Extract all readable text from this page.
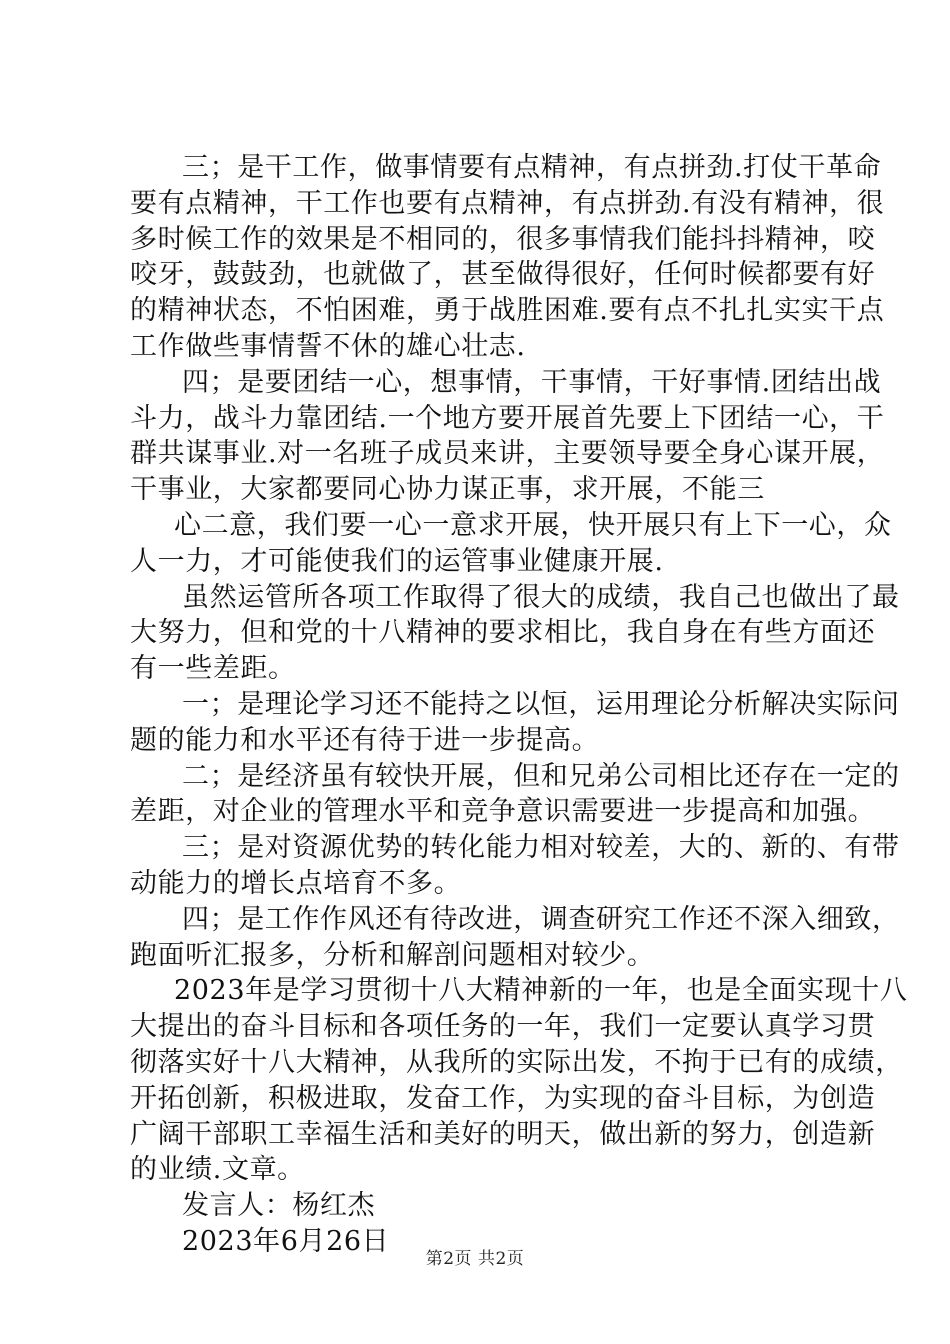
三；是干工作，做事情要有点精神，有点拼劲.打仗干革命
要有点精神，干工作也要有点精神，有点拼劲.有没有精神，很
多时候工作的效果是不相同的，很多事情我们能抖抖精神，咬
咬牙，鼓鼓劲，也就做了，甚至做得很好，任何时候都要有好
的精神状态，不怕困难，勇于战胜困难.要有点不扎扎实实干点
工作做些事情誓不休的雄心壮志.
四；是要团结一心，想事情，干事情，干好事情.团结出战
斗力，战斗力靠团结.一个地方要开展首先要上下团结一心，干
群共谋事业.对一名班子成员来讲，主要领导要全身心谋开展，
干事业，大家都要同心协力谋正事，求开展，不能三
心二意，我们要一心一意求开展，快开展只有上下一心，众
人一力，才可能使我们的运管事业健康开展.
虽然运管所各项工作取得了很大的成绩，我自己也做出了最
大努力，但和党的十八精神的要求相比，我自身在有些方面还
有一些差距。
一；是理论学习还不能持之以恒，运用理论分析解决实际问
题的能力和水平还有待于进一步提高。
二；是经济虽有较快开展，但和兄弟公司相比还存在一定的
差距，对企业的管理水平和竞争意识需要进一步提高和加强。
三；是对资源优势的转化能力相对较差，大的、新的、有带
动能力的增长点培育不多。
四；是工作作风还有待改进，调查研究工作还不深入细致，
跑面听汇报多，分析和解剖问题相对较少。
2023年是学习贯彻十八大精神新的一年，也是全面实现十八
大提出的奋斗目标和各项任务的一年，我们一定要认真学习贯
彻落实好十八大精神，从我所的实际出发，不拘于已有的成绩，
开拓创新，积极进取，发奋工作，为实现的奋斗目标，为创造
广阔干部职工幸福生活和美好的明天，做出新的努力，创造新
的业绩.文章。
发言人：杨红杰
2023年6月26日
第2页 共2页
